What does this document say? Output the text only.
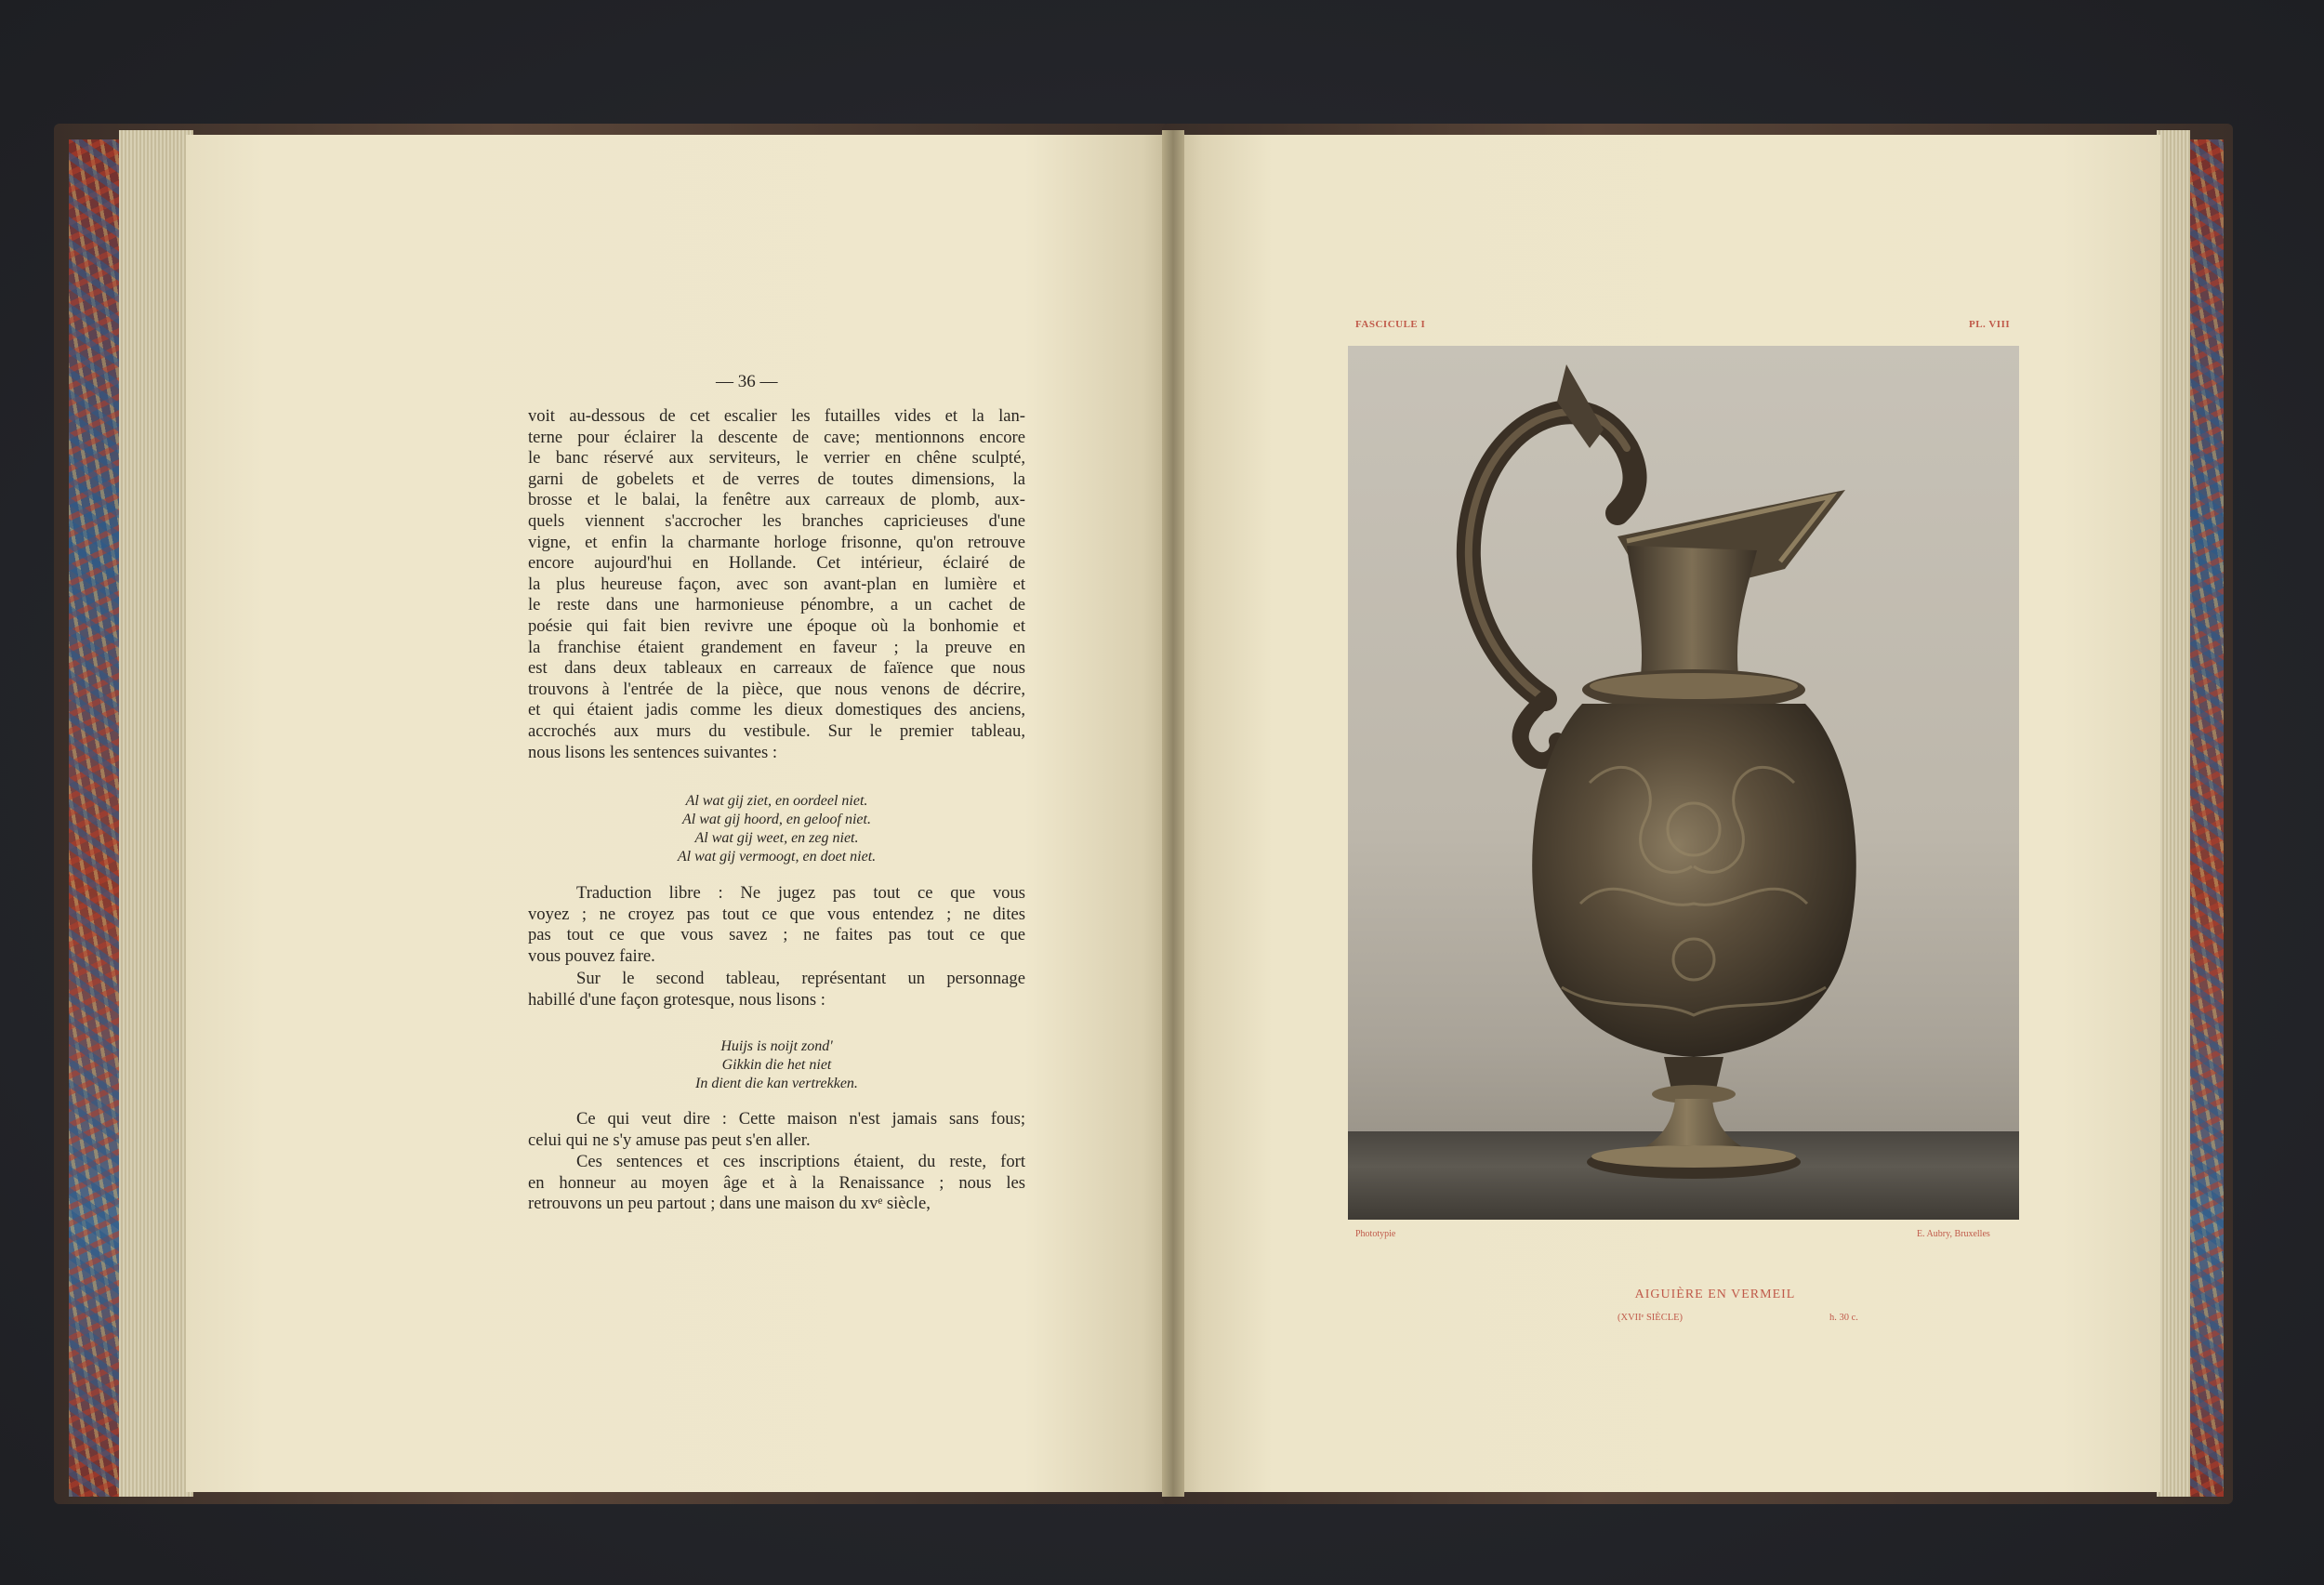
— 36 —
voit au-dessous de cet escalier les futailles vides et la lan-
terne pour éclairer la descente de cave; mentionnons encore
le banc réservé aux serviteurs, le verrier en chêne sculpté,
garni de gobelets et de verres de toutes dimensions, la
brosse et le balai, la fenêtre aux carreaux de plomb, aux-
quels viennent s'accrocher les branches capricieuses d'une
vigne, et enfin la charmante horloge frisonne, qu'on retrouve
encore aujourd'hui en Hollande. Cet intérieur, éclairé de
la plus heureuse façon, avec son avant-plan en lumière et
le reste dans une harmonieuse pénombre, a un cachet de
poésie qui fait bien revivre une époque où la bonhomie et
la franchise étaient grandement en faveur ; la preuve en
est dans deux tableaux en carreaux de faïence que nous
trouvons à l'entrée de la pièce, que nous venons de décrire,
et qui étaient jadis comme les dieux domestiques des anciens,
accrochés aux murs du vestibule. Sur le premier tableau,
nous lisons les sentences suivantes :
Al wat gij ziet, en oordeel niet.
Al wat gij hoord, en geloof niet.
Al wat gij weet, en zeg niet.
Al wat gij vermoogt, en doet niet.
Traduction libre : Ne jugez pas tout ce que vous
voyez ; ne croyez pas tout ce que vous entendez ; ne dites
pas tout ce que vous savez ; ne faites pas tout ce que
vous pouvez faire.
Sur le second tableau, représentant un personnage
habillé d'une façon grotesque, nous lisons :
Huijs is noijt zond'
Gikkin die het niet
In dient die kan vertrekken.
Ce qui veut dire : Cette maison n'est jamais sans fous;
celui qui ne s'y amuse pas peut s'en aller.
Ces sentences et ces inscriptions étaient, du reste, fort
en honneur au moyen âge et à la Renaissance ; nous les
retrouvons un peu partout ; dans une maison du xvᵉ siècle,
FASCICULE I	PL. VIII
Phototypie	E. Aubry, Bruxelles
AIGUIÈRE EN VERMEIL
(XVIIᵉ SIÈCLE)	h. 30 c.
